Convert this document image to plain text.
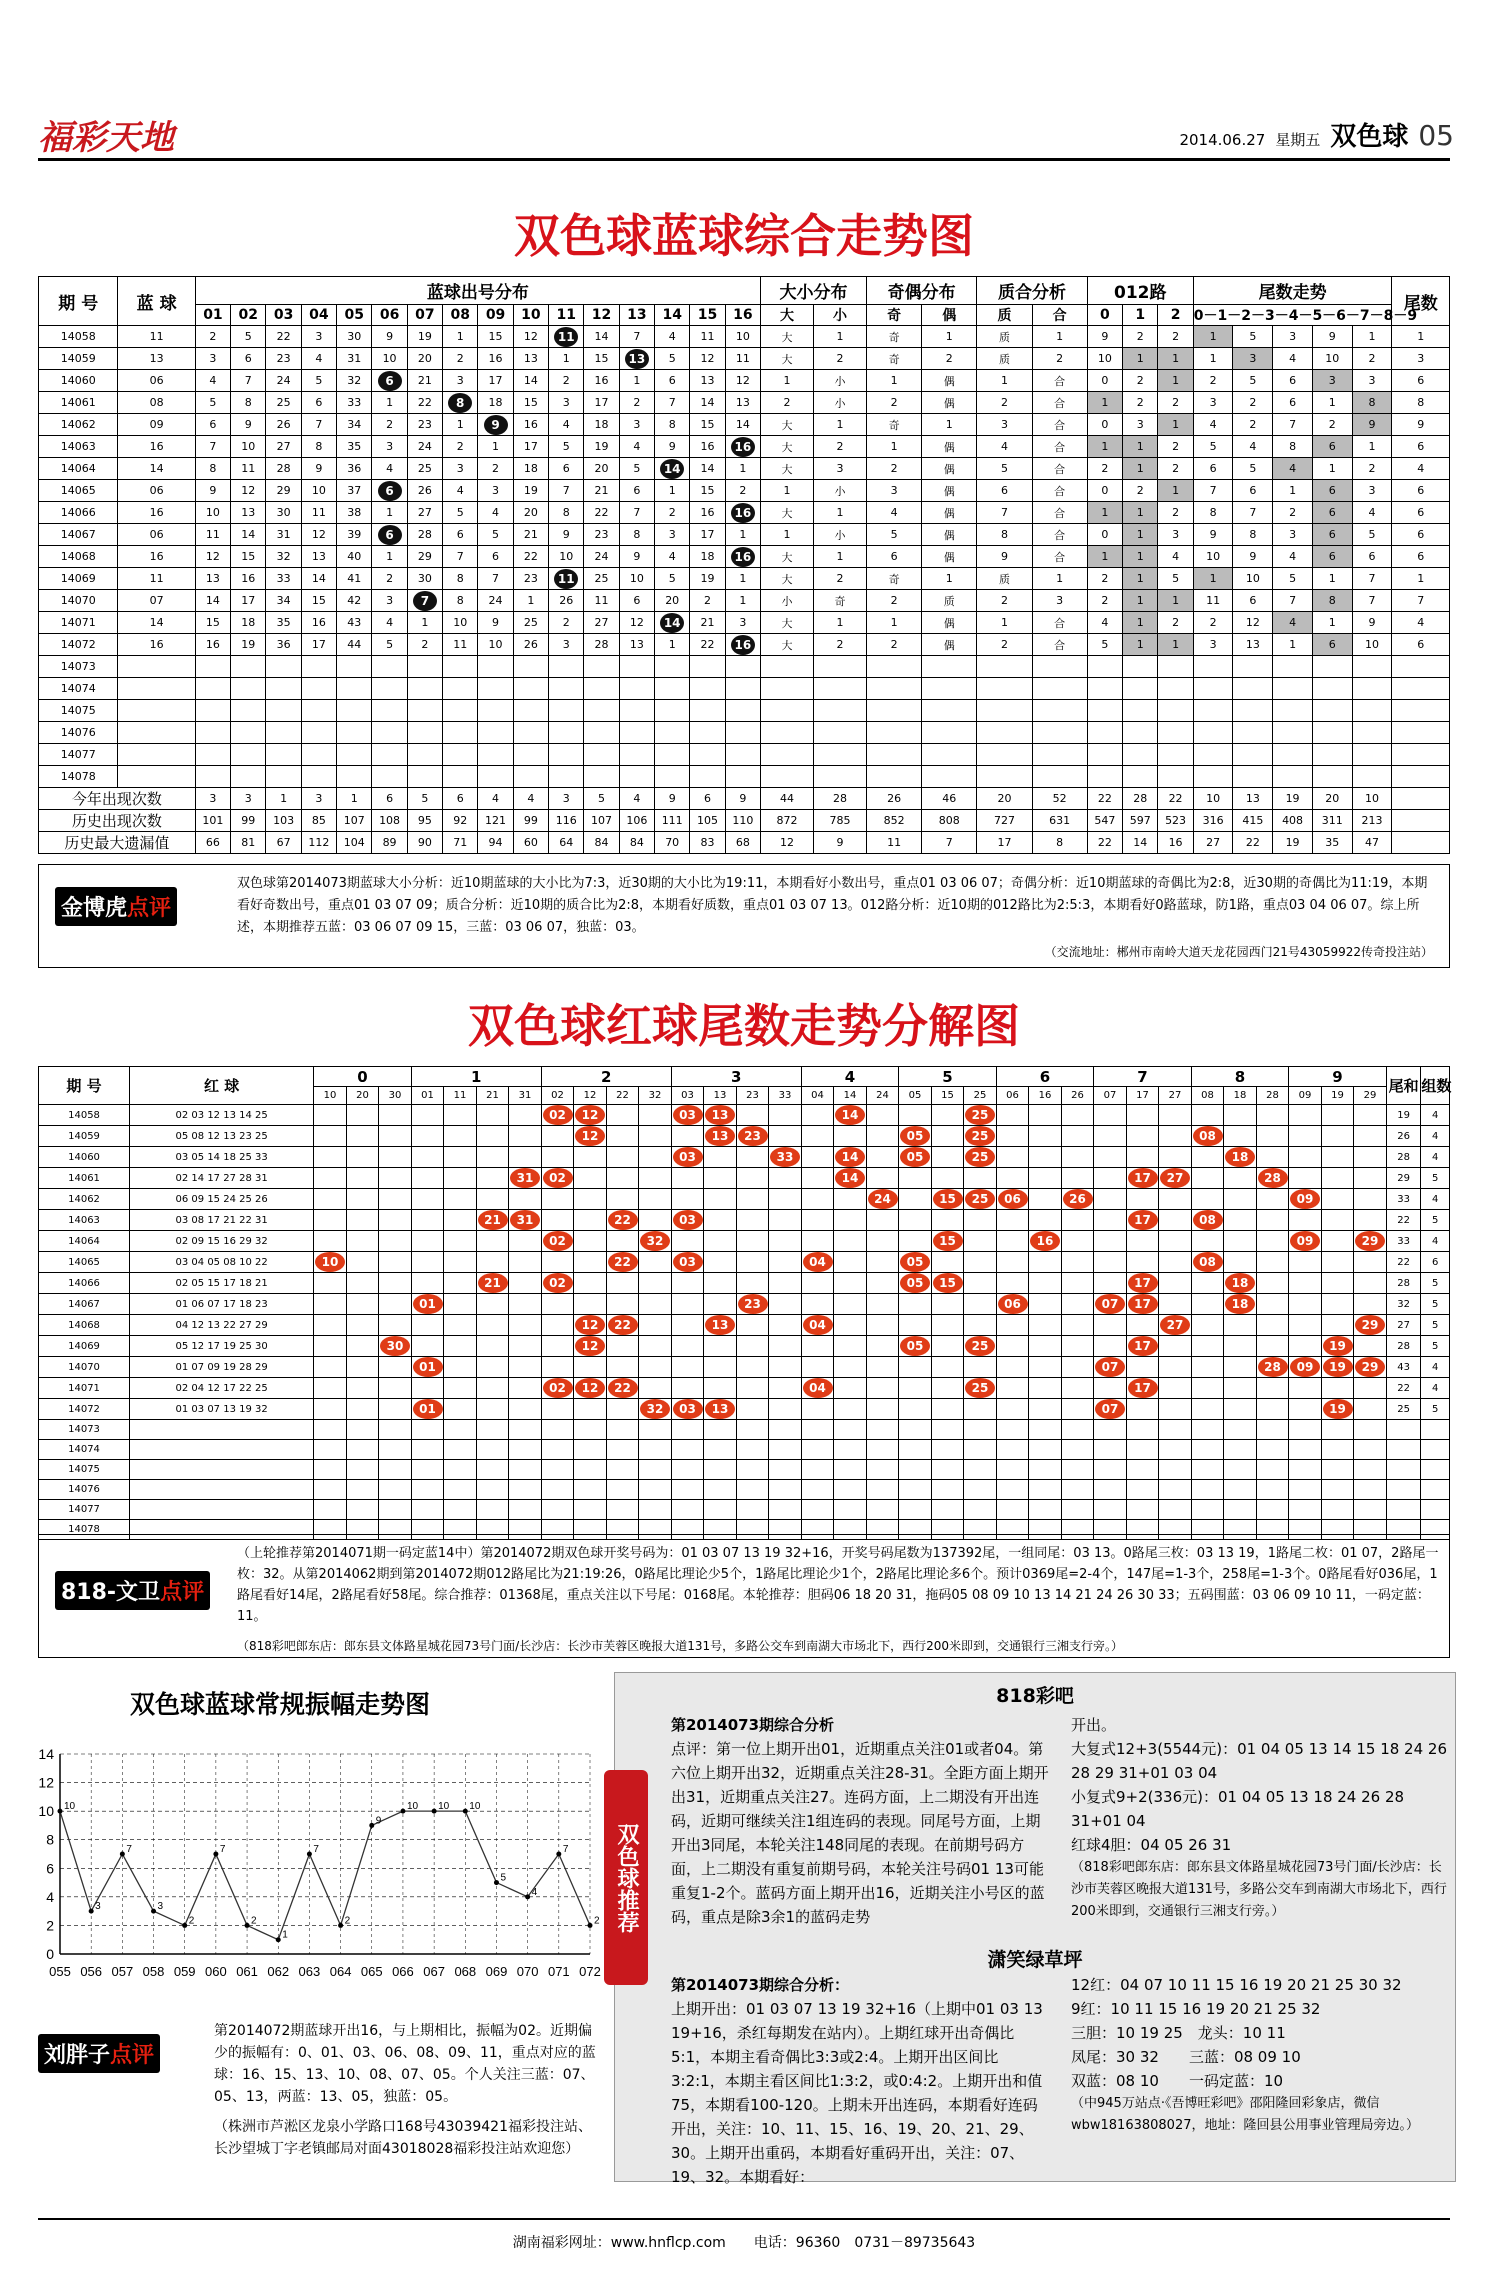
福彩天地	2014.06.27 星期五 双色球 05
双色球蓝球综合走势图
期 号	蓝 球	蓝球出号分布																大小分布		奇偶分布		质合分析		012路			尾数走势					尾数
		01	02	03	04	05	06	07	08	09	10	11	12	13	14	15	16	大	小	奇	偶	质	合	0	1	2	0－1－2－3－4－5－6－7－8－9					
14058	11	2	5	22	3	30	9	19	1	15	12	11	14	7	4	11	10	大	1	奇	1	质	1	9	2	2	1	5	3	9	1	1
14059	13	3	6	23	4	31	10	20	2	16	13	1	15	13	5	12	11	大	2	奇	2	质	2	10	1	1	1	3	4	10	2	3
14060	06	4	7	24	5	32	6	21	3	17	14	2	16	1	6	13	12	1	小	1	偶	1	合	0	2	1	2	5	6	3	3	6
14061	08	5	8	25	6	33	1	22	8	18	15	3	17	2	7	14	13	2	小	2	偶	2	合	1	2	2	3	2	6	1	8	8
14062	09	6	9	26	7	34	2	23	1	9	16	4	18	3	8	15	14	大	1	奇	1	3	合	0	3	1	4	2	7	2	9	9
14063	16	7	10	27	8	35	3	24	2	1	17	5	19	4	9	16	16	大	2	1	偶	4	合	1	1	2	5	4	8	6	1	6
14064	14	8	11	28	9	36	4	25	3	2	18	6	20	5	14	14	1	大	3	2	偶	5	合	2	1	2	6	5	4	1	2	4
14065	06	9	12	29	10	37	6	26	4	3	19	7	21	6	1	15	2	1	小	3	偶	6	合	0	2	1	7	6	1	6	3	6
14066	16	10	13	30	11	38	1	27	5	4	20	8	22	7	2	16	16	大	1	4	偶	7	合	1	1	2	8	7	2	6	4	6
14067	06	11	14	31	12	39	6	28	6	5	21	9	23	8	3	17	1	1	小	5	偶	8	合	0	1	3	9	8	3	6	5	6
14068	16	12	15	32	13	40	1	29	7	6	22	10	24	9	4	18	16	大	1	6	偶	9	合	1	1	4	10	9	4	6	6	6
14069	11	13	16	33	14	41	2	30	8	7	23	11	25	10	5	19	1	大	2	奇	1	质	1	2	1	5	1	10	5	1	7	1
14070	07	14	17	34	15	42	3	7	8	24	1	26	11	6	20	2	1	小	奇	2	质	2	3	2	1	1	11	6	7	8	7	7
14071	14	15	18	35	16	43	4	1	10	9	25	2	27	12	14	21	3	大	1	1	偶	1	合	4	1	2	2	12	4	1	9	4
14072	16	16	19	36	17	44	5	2	11	10	26	3	28	13	1	22	16	大	2	2	偶	2	合	5	1	1	3	13	1	6	10	6
14073																																
14074																																
14075																																
14076																																
14077																																
14078																																
今年出现次数		3	3	1	3	1	6	5	6	4	4	3	5	4	9	6	9	44	28	26	46	20	52	22	28	22	10	13	19	20	10	
历史出现次数		101	99	103	85	107	108	95	92	121	99	116	107	106	111	105	110	872	785	852	808	727	631	547	597	523	316	415	408	311	213	
历史最大遗漏值		66	81	67	112	104	89	90	71	94	60	64	84	84	70	83	68	12	9	11	7	17	8	22	14	16	27	22	19	35	47	
金博虎点评
双色球第2014073期蓝球大小分析：近10期蓝球的大小比为7:3，近30期的大小比为19:11，本期看好小数出号，重点01 03 06 07；奇偶分析：近10期蓝球的奇偶比为2:8，近30期的奇偶比为11:19，本期看好奇数出号，重点01 03 07 09；质合分析：近10期的质合比为2:8，本期看好质数，重点01 03 07 13。012路分析：近10期的012路比为2:5:3，本期看好0路蓝球，防1路，重点03 04 06 07。综上所述，本期推荐五蓝：03 06 07 09 15，三蓝：03 06 07，独蓝：03。
（交流地址：郴州市南岭大道天龙花园西门21号43059922传奇投注站）
双色球红球尾数走势分解图
期 号	红 球	0			1				2				3				4			5			6			7			8			9			尾和	组数
		10	20	30	01	11	21	31	02	12	22	32	03	13	23	33	04	14	24	05	15	25	06	16	26	07	17	27	08	18	28	09	19	29		
14058	02 03 12 13 14 25								02	12			03	13				14				25													19	4
14059	05 08 12 13 23 25									12				13	23					05		25							08						26	4
14060	03 05 14 18 25 33												03			33		14		05		25								18					28	4
14061	02 14 17 27 28 31							31	02									14									17	27			28				29	5
14062	06 09 15 24 25 26																		24		15	25	06		26							09			33	4
14063	03 08 17 21 22 31						21	31			22		03														17		08						22	5
14064	02 09 15 16 29 32								02			32									15			16								09		29	33	4
14065	03 04 05 08 10 22	10									22		03				04			05									08						22	6
14066	02 05 15 17 18 21						21		02											05	15						17			18					28	5
14067	01 06 07 17 18 23				01										23								06			07	17			18					32	5
14068	04 12 13 22 27 29									12	22			13			04											27						29	27	5
14069	05 12 17 19 25 30			30						12										05		25					17						19		28	5
14070	01 07 09 19 28 29				01																					07					28	09	19	29	43	4
14071	02 04 12 17 22 25								02	12	22						04					25					17								22	4
14072	01 03 07 13 19 32				01							32	03	13												07							19		25	5
14073																																				
14074																																				
14075																																				
14076																																				
14077																																				
14078																																				
818-文卫点评
（上轮推荐第2014071期一码定蓝14中）第2014072期双色球开奖号码为：01 03 07 13 19 32+16，开奖号码尾数为137392尾，一组同尾：03 13。0路尾三枚：03 13 19，1路尾二枚：01 07，2路尾一枚：32。从第2014062期到第2014072期012路尾比为21:19:26，0路尾比理论少5个，1路尾比理论少1个，2路尾比理论多6个。预计0369尾=2-4个，147尾=1-3个，258尾=1-3个。0路尾看好036尾，1路尾看好14尾，2路尾看好58尾。综合推荐：01368尾，重点关注以下号尾：0168尾。本轮推荐：胆码06 18 20 31，拖码05 08 09 10 13 14 21 24 26 30 33；五码围蓝：03 06 09 10 11，一码定蓝：11。
（818彩吧郎东店：郎东县文体路星城花园73号门面/长沙店：长沙市芙蓉区晚报大道131号，多路公交车到南湖大市场北下，西行200米即到，交通银行三湘支行旁。）
双色球蓝球常规振幅走势图
0
2
4
6
8
10
12
14
055 056 057 058 059 060 061 062 063 064 065 066 067 068 069 070 071 072
10
3
7
3
2
7
2
1
7
2
9
10 10 10
5
4
7
2
刘胖子点评
第2014072期蓝球开出16，与上期相比，振幅为02。近期偏少的振幅有：0、01、03、06、08、09、11，重点对应的蓝球：16、15、13、10、08、07、05。个人关注三蓝：07、05、13，两蓝：13、05，独蓝：05。
（株洲市芦淞区龙泉小学路口168号43039421福彩投注站、长沙望城丁字老镇邮局对面43018028福彩投注站欢迎您）
818彩吧
第2014073期综合分析
点评：第一位上期开出01，近期重点关注01或者04。第六位上期开出32，近期重点关注28-31。全距方面上期开出31，近期重点关注27。连码方面，上二期没有开出连码，近期可继续关注1组连码的表现。同尾号方面，上期开出3同尾，本轮关注148同尾的表现。在前期号码方面，上二期没有重复前期号码，本轮关注号码01 13可能重复1-2个。蓝码方面上期开出16，近期关注小号区的蓝码，重点是除3余1的蓝码走势
开出。
大复式12+3(5544元)：01 04 05 13 14 15 18 24 26 28 29 31+01 03 04
小复式9+2(336元)：01 04 05 13 18 24 26 28 31+01 04
红球4胆：04 05 26 31
（818彩吧郎东店：郎东县文体路星城花园73号门面/长沙店：长沙市芙蓉区晚报大道131号，多路公交车到南湖大市场北下，西行200米即到，交通银行三湘支行旁。）
潇笑绿草坪
第2014073期综合分析：
上期开出：01 03 07 13 19 32+16（上期中01 03 13 19+16，杀红每期发在站内）。上期红球开出奇偶比5:1，本期主看奇偶比3:3或2:4。上期开出区间比3:2:1，本期主看区间比1:3:2，或0:4:2。上期开出和值75，本期看100-120。上期未开出连码，本期看好连码开出，关注：10、11、15、16、19、20、21、29、30。上期开出重码，本期看好重码开出，关注：07、19、32。本期看好：
12红：04 07 10 11 15 16 19 20 21 25 30 32
9红：10 11 15 16 19 20 21 25 32
三胆：10 19 25　龙头：10 11
凤尾：30 32　　三蓝：08 09 10
双蓝：08 10　　一码定蓝：10
（中945万站点·《吾博旺彩吧》邵阳隆回彩象店，微信wbw18163808027，地址：隆回县公用事业管理局旁边。）
双色球推荐
湖南福彩网址：www.hnflcp.com　　电话：96360　0731－89735643
